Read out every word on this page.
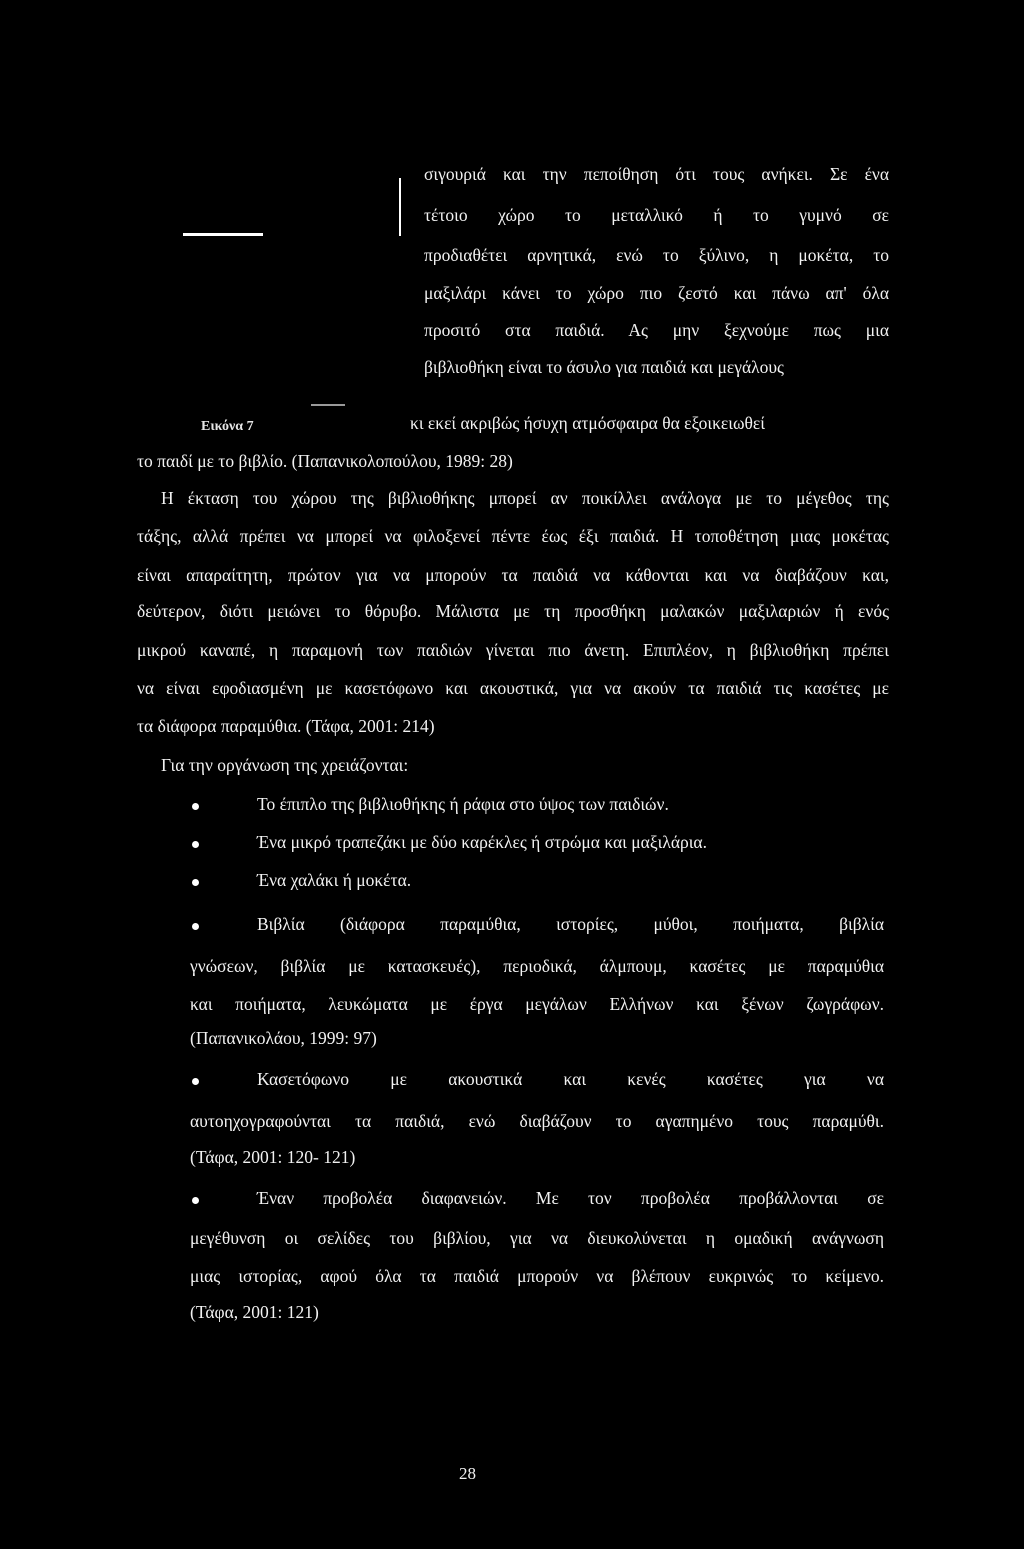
Εικόνα 7
σιγουριά και την πεποίθηση ότι τους ανήκει. Σε ένα
τέτοιο χώρο το μεταλλικό ή το γυμνό σε
προδιαθέτει αρνητικά, ενώ το ξύλινο, η μοκέτα, το
μαξιλάρι κάνει το χώρο πιο ζεστό και πάνω απ' όλα
προσιτό στα παιδιά. Ας μην ξεχνούμε πως μια
βιβλιοθήκη είναι το άσυλο για παιδιά και μεγάλους
κι εκεί ακριβώς ήσυχη ατμόσφαιρα θα εξοικειωθεί
το παιδί με το βιβλίο. (Παπανικολοπούλου, 1989: 28)
Η έκταση του χώρου της βιβλιοθήκης μπορεί αν ποικίλλει ανάλογα με το μέγεθος της
τάξης, αλλά πρέπει να μπορεί να φιλοξενεί πέντε έως έξι παιδιά. Η τοποθέτηση μιας μοκέτας
είναι απαραίτητη, πρώτον για να μπορούν τα παιδιά να κάθονται και να διαβάζουν και,
δεύτερον, διότι μειώνει το θόρυβο. Μάλιστα με τη προσθήκη μαλακών μαξιλαριών ή ενός
μικρού καναπέ, η παραμονή των παιδιών γίνεται πιο άνετη. Επιπλέον, η βιβλιοθήκη πρέπει
να είναι εφοδιασμένη με κασετόφωνο και ακουστικά, για να ακούν τα παιδιά τις κασέτες με
τα διάφορα παραμύθια. (Τάφα, 2001: 214)
Για την οργάνωση της χρειάζονται:
Το έπιπλο της βιβλιοθήκης ή ράφια στο ύψος των παιδιών.
Ένα μικρό τραπεζάκι με δύο καρέκλες ή στρώμα και μαξιλάρια.
Ένα χαλάκι ή μοκέτα.
Βιβλία (διάφορα παραμύθια, ιστορίες, μύθοι, ποιήματα, βιβλία
γνώσεων, βιβλία με κατασκευές), περιοδικά, άλμπουμ, κασέτες με παραμύθια
και ποιήματα, λευκώματα με έργα μεγάλων Ελλήνων και ξένων ζωγράφων.
(Παπανικολάου, 1999: 97)
Κασετόφωνο με ακουστικά και κενές κασέτες για να
αυτοηχογραφούνται τα παιδιά, ενώ διαβάζουν το αγαπημένο τους παραμύθι.
(Τάφα, 2001: 120- 121)
Έναν προβολέα διαφανειών. Με τον προβολέα προβάλλονται σε
μεγέθυνση οι σελίδες του βιβλίου, για να διευκολύνεται η ομαδική ανάγνωση
μιας ιστορίας, αφού όλα τα παιδιά μπορούν να βλέπουν ευκρινώς το κείμενο.
(Τάφα, 2001: 121)
28
